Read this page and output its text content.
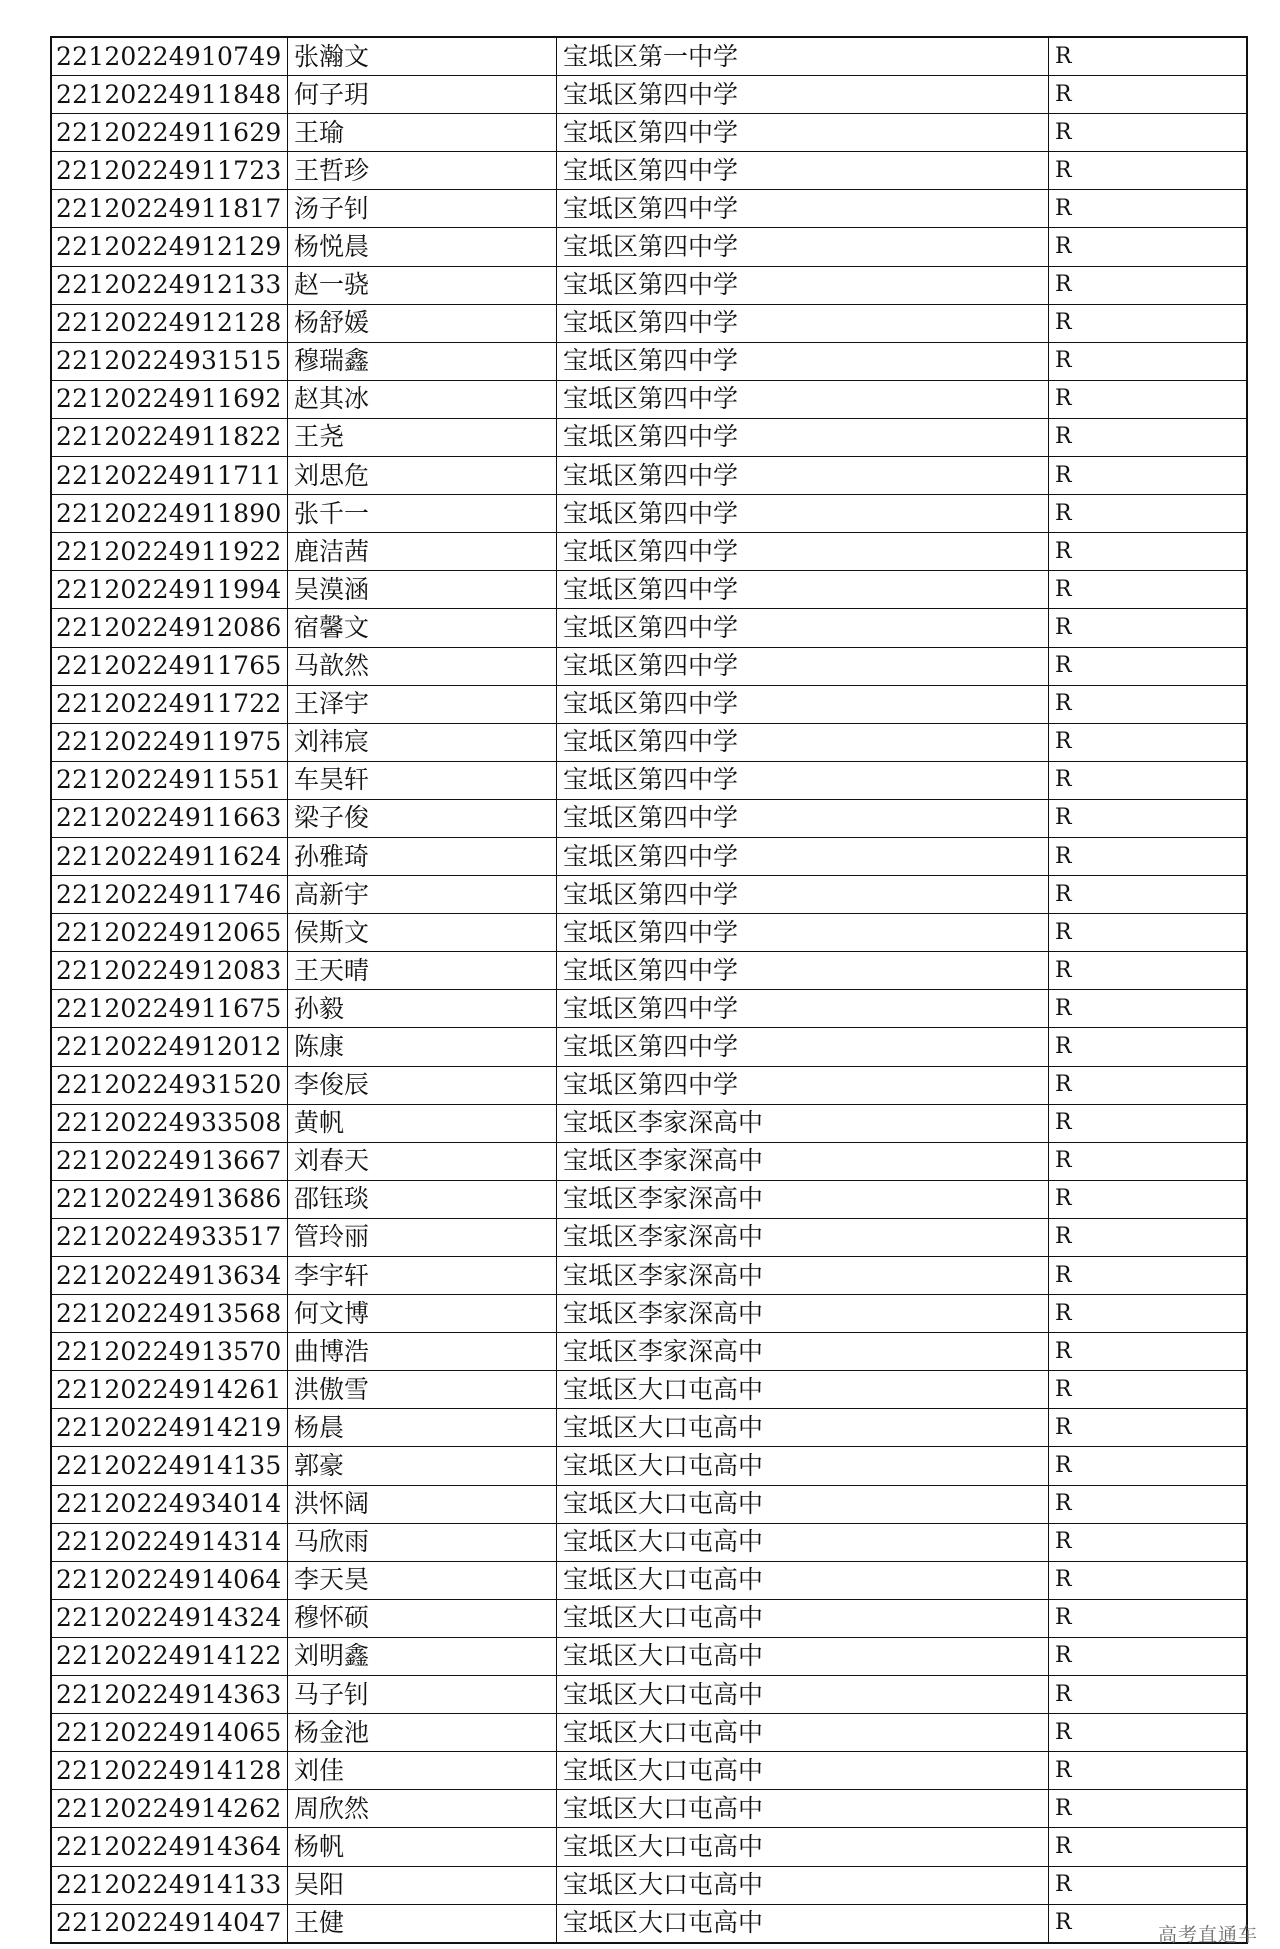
22120224910749	张瀚文	宝坻区第一中学	R
22120224911848	何子玥	宝坻区第四中学	R
22120224911629	王瑜	宝坻区第四中学	R
22120224911723	王哲珍	宝坻区第四中学	R
22120224911817	汤子钊	宝坻区第四中学	R
22120224912129	杨悦晨	宝坻区第四中学	R
22120224912133	赵一骁	宝坻区第四中学	R
22120224912128	杨舒媛	宝坻区第四中学	R
22120224931515	穆瑞鑫	宝坻区第四中学	R
22120224911692	赵其冰	宝坻区第四中学	R
22120224911822	王尧	宝坻区第四中学	R
22120224911711	刘思危	宝坻区第四中学	R
22120224911890	张千一	宝坻区第四中学	R
22120224911922	鹿洁茜	宝坻区第四中学	R
22120224911994	吴漠涵	宝坻区第四中学	R
22120224912086	宿馨文	宝坻区第四中学	R
22120224911765	马歆然	宝坻区第四中学	R
22120224911722	王泽宇	宝坻区第四中学	R
22120224911975	刘祎宸	宝坻区第四中学	R
22120224911551	车昊轩	宝坻区第四中学	R
22120224911663	梁子俊	宝坻区第四中学	R
22120224911624	孙雅琦	宝坻区第四中学	R
22120224911746	高新宇	宝坻区第四中学	R
22120224912065	侯斯文	宝坻区第四中学	R
22120224912083	王天晴	宝坻区第四中学	R
22120224911675	孙毅	宝坻区第四中学	R
22120224912012	陈康	宝坻区第四中学	R
22120224931520	李俊辰	宝坻区第四中学	R
22120224933508	黄帆	宝坻区李家深高中	R
22120224913667	刘春天	宝坻区李家深高中	R
22120224913686	邵钰琰	宝坻区李家深高中	R
22120224933517	管玲丽	宝坻区李家深高中	R
22120224913634	李宇轩	宝坻区李家深高中	R
22120224913568	何文博	宝坻区李家深高中	R
22120224913570	曲博浩	宝坻区李家深高中	R
22120224914261	洪傲雪	宝坻区大口屯高中	R
22120224914219	杨晨	宝坻区大口屯高中	R
22120224914135	郭豪	宝坻区大口屯高中	R
22120224934014	洪怀阔	宝坻区大口屯高中	R
22120224914314	马欣雨	宝坻区大口屯高中	R
22120224914064	李天昊	宝坻区大口屯高中	R
22120224914324	穆怀硕	宝坻区大口屯高中	R
22120224914122	刘明鑫	宝坻区大口屯高中	R
22120224914363	马子钊	宝坻区大口屯高中	R
22120224914065	杨金池	宝坻区大口屯高中	R
22120224914128	刘佳	宝坻区大口屯高中	R
22120224914262	周欣然	宝坻区大口屯高中	R
22120224914364	杨帆	宝坻区大口屯高中	R
22120224914133	吴阳	宝坻区大口屯高中	R
22120224914047	王健	宝坻区大口屯高中	R	高考直通车
